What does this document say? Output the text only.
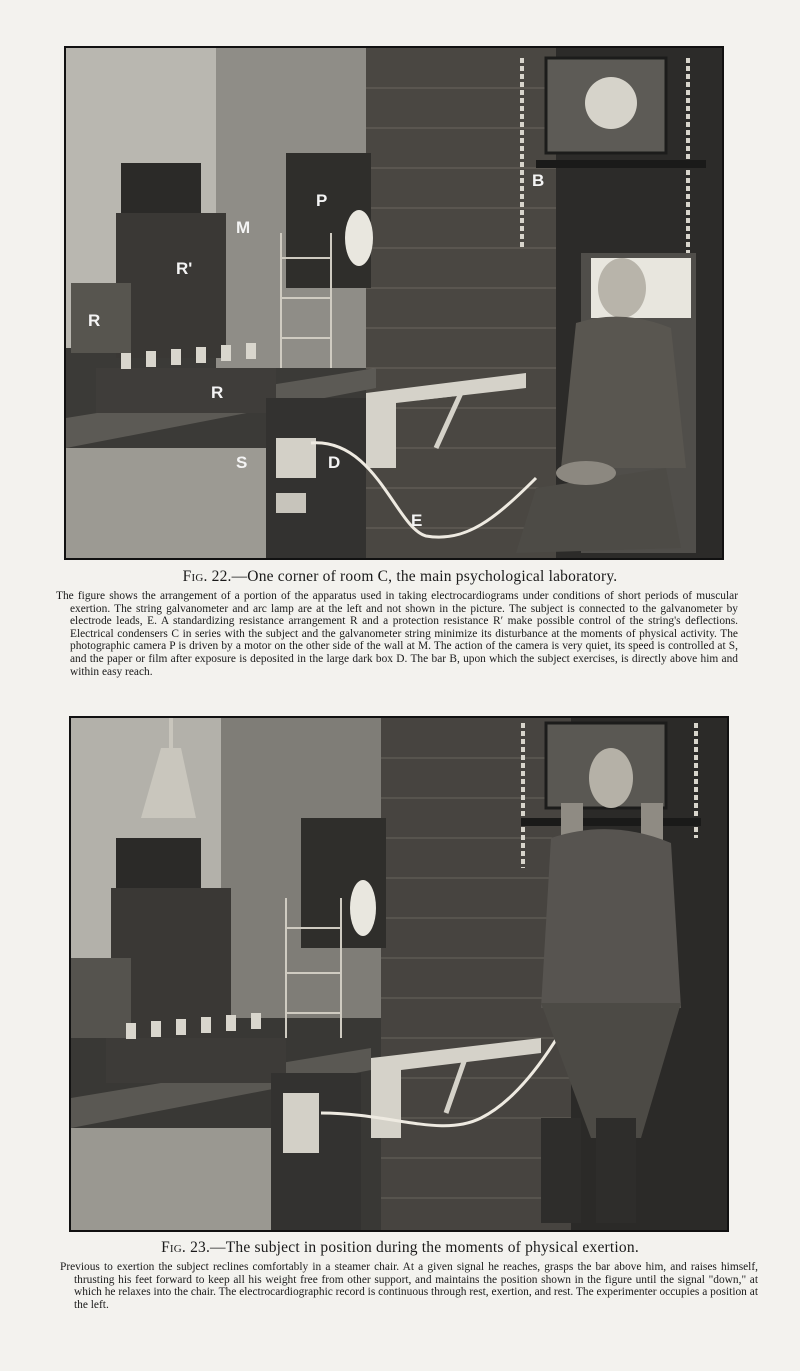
M
P
R
R
R'
S	D
E
B
Fig. 22.—One corner of room C, the main psychological laboratory.
The figure shows the arrangement of a portion of the apparatus used in taking electrocardiograms under conditions of short periods of muscular exertion. The string galvanometer and arc lamp are at the left and not shown in the picture. The subject is connected to the galvanometer by electrode leads, E. A standardizing resistance arrangement R and a protection resistance R′ make possible control of the string's deflections. Electrical condensers C in series with the subject and the galvanometer string minimize its disturbance at the moments of physical activity. The photographic camera P is driven by a motor on the other side of the wall at M. The action of the camera is very quiet, its speed is controlled at S, and the paper or film after exposure is deposited in the large dark box D. The bar B, upon which the subject exercises, is directly above him and within easy reach.
Fig. 23.—The subject in position during the moments of physical exertion.
Previous to exertion the subject reclines comfortably in a steamer chair. At a given signal he reaches, grasps the bar above him, and raises himself, thrusting his feet forward to keep all his weight free from other support, and maintains the position shown in the figure until the signal "down," at which he relaxes into the chair. The electrocardiographic record is continuous through rest, exertion, and rest. The experimenter occupies a position at the left.
